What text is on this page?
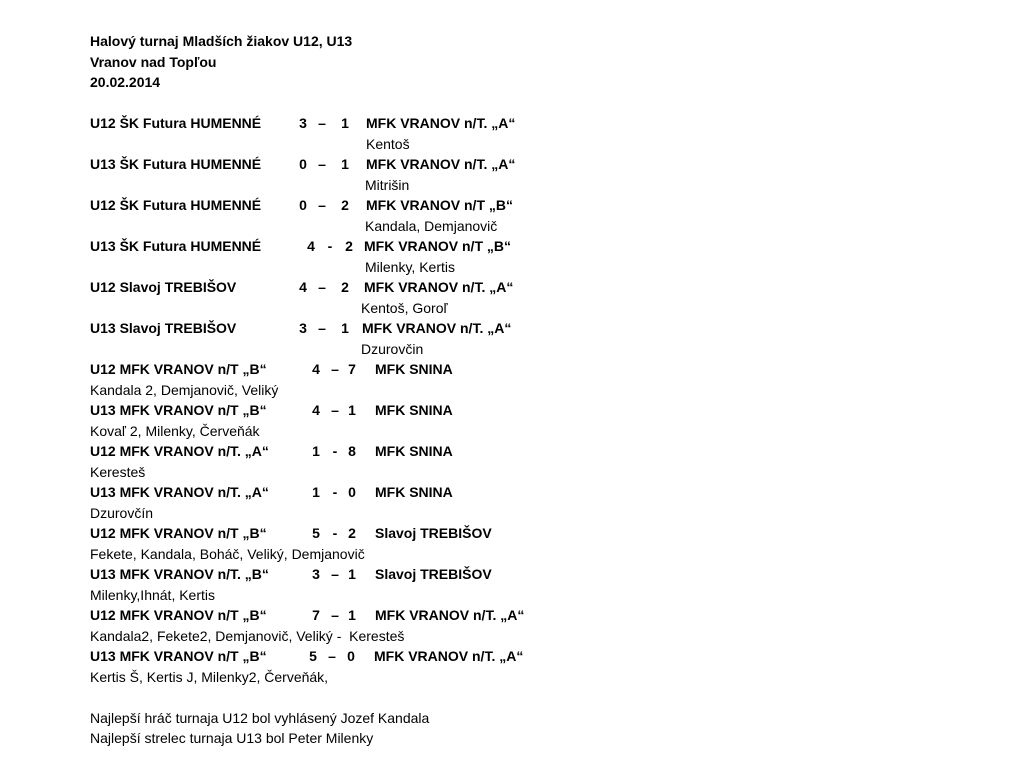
Halový turnaj Mladších žiakov U12, U13
Vranov nad Topľou
20.02.2014
U12 ŠK Futura HUMENNÉ	3 – 1 MFK VRANOV n/T. „A“
Kentoš
U13 ŠK Futura HUMENNÉ	0 – 1 MFK VRANOV n/T. „A“
Mitrišin
U12 ŠK Futura HUMENNÉ	0 – 2 MFK VRANOV n/T „B“
Kandala, Demjanovič
U13 ŠK Futura HUMENNÉ	4 - 2 MFK VRANOV n/T „B“
Milenky, Kertis
U12 Slavoj TREBIŠOV	4 – 2 MFK VRANOV n/T. „A“
Kentoš, Goroľ
U13 Slavoj TREBIŠOV	3 – 1 MFK VRANOV n/T. „A“
Dzurovčin
U12 MFK VRANOV n/T „B“	4 – 7 MFK SNINA
Kandala 2, Demjanovič, Veliký
U13 MFK VRANOV n/T „B“	4 – 1 MFK SNINA
Kovaľ 2, Milenky, Červeňák
U12 MFK VRANOV n/T. „A“	1 - 8 MFK SNINA
Keresteš
U13 MFK VRANOV n/T. „A“	1 - 0 MFK SNINA
Dzurovčín
U12 MFK VRANOV n/T „B“	5 - 2 Slavoj TREBIŠOV
Fekete, Kandala, Boháč, Veliký, Demjanovič
U13 MFK VRANOV n/T. „B“	3 – 1 Slavoj TREBIŠOV
Milenky,Ihnát, Kertis
U12 MFK VRANOV n/T „B“	7 – 1 MFK VRANOV n/T. „A“
Kandala2, Fekete2, Demjanovič, Veliký -  Keresteš
U13 MFK VRANOV n/T „B“	5 – 0 MFK VRANOV n/T. „A“
Kertis Š, Kertis J, Milenky2, Červeňák,
Najlepší hráč turnaja U12 bol vyhlásený Jozef Kandala
Najlepší strelec turnaja U13 bol Peter Milenky
